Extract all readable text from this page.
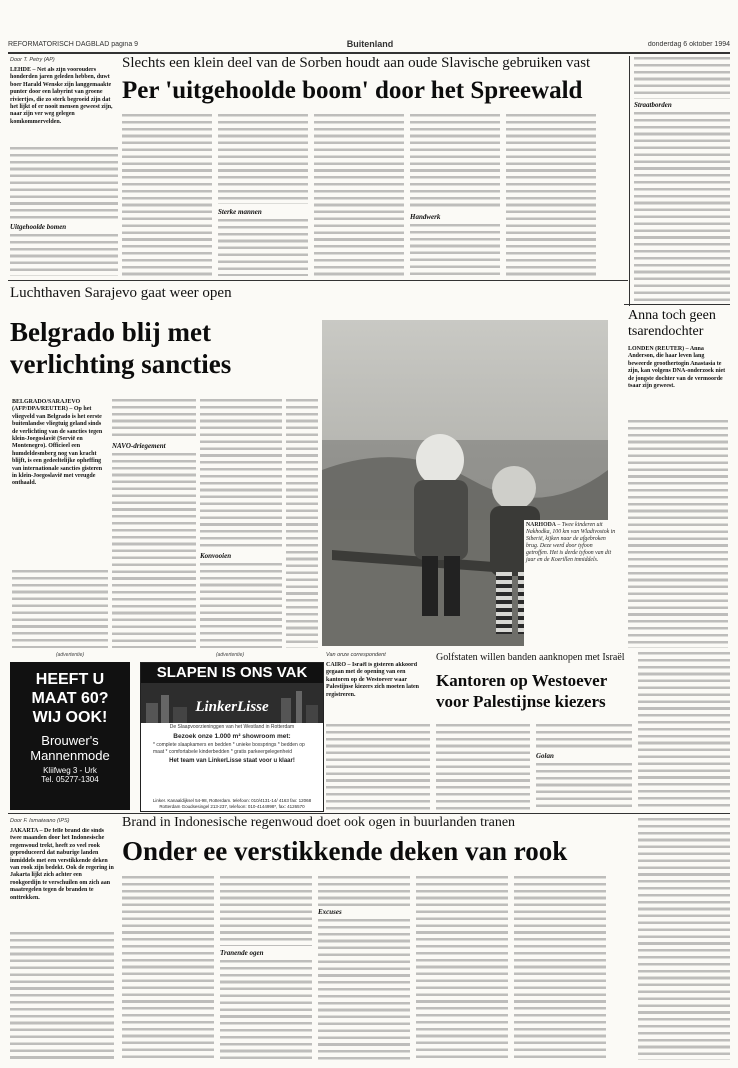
REFORMATORISCH DAGBLAD pagina 9	Buitenland	donderdag 6 oktober 1994
Door T. Petry (AP)	Slechts een klein deel van de Sorben houdt aan oude Slavische gebruiken vast
Per 'uitgehoolde boom' door het Spreewald
LEHDE – Net als zijn voorouders honderden jaren geleden hebben, duwt boer Harald Wenske zijn langgemaakte punter door een labyrint van groene riviertjes, die zo sterk begroeid zijn dat het lijkt of er nooit mensen geweest zijn, naar zijn ver weg gelegen komkommervelden.
Uitgehoolde bomen
Sterke mannen
Handwerk
Straatborden
Luchthaven Sarajevo gaat weer open
Belgrado blij met verlichting sancties
BELGRADO/SARAJEVO (AFP/DPA/REUTER) – Op het vliegveld van Belgrado is het eerste buitenlandse vliegtuig geland sinds de verlichting van de sancties tegen klein-Joegoslavië (Servië en Montenegro). Officieel een humdeldesmberg nog van kracht blijft, is een gedeeltelijke opheffing van internationale sancties gisteren in klein-Joegoslavië met vreugde onthaald.
NAVO-driegement
Konvooien
NARHODA – Twee kinderen uit Nakhodka, 100 km van Wladivostok in Siberië, kijken naar de afgebroken brug. Deze werd door tyfoon getroffen. Het is derde tyfoon van dit jaar en de Koerillen inmiddels.
Anna toch geen tsarendochter
LONDEN (REUTER) – Anna Anderson, die haar leven lang beweerde groothertogin Anastasia te zijn, kan volgens DNA-onderzoek niet de jongste dochter van de vermoorde tsaar zijn geweest.
(advertentie)	(advertentie)
HEEFT U
MAAT 60?
WIJ OOK!
Brouwer's
Mannenmode
Kliifweg 3 - Urk
Tel. 05277-1304
SLAPEN IS ONS VAK
LinkerLisse
De Slaapvoorzieninggen van het Westland in Rotterdam
Bezoek onze 1.000 m² showroom met:
* complete slaapkamers en bedden * unieke boxsprings * bedden op maat * comfortabele kinderbedden * gratis parkeergelegenheid
Het team van LinkerLisse staat voor u klaar!
Linker. Kanaaldijksel 54-98, Rotterdam. telefoon: 010/4131-14/ 4163 fax: 12068
Rotterdam Goudsesingel 213-237, telefoon: 010-4144998*, fax: 4126570
Van onze correspondent
CAÏRO – Israël is gisteren akkoord gegaan met de opening van een kantoren op de Westoever waar Palestijnse kiezers zich moeten laten registreren.
Golfstaten willen banden aanknopen met Israël
Kantoren op Westoever voor Palestijnse kiezers
Golan
Door F. Ismaiwano (IPS)
JAKARTA – De felle brand die sinds twee maanden door het Indonesische regenwoud trekt, heeft zo veel rook geproduceerd dat naburige landen inmiddels met een verstikkende deken van rook zijn bedekt. Ook de regering in Jakarta lijkt zich achter een rookgordijn te verschuilen om zich aan maatregelen tegen de branden te onttrekken.
Brand in Indonesische regenwoud doet ook ogen in buurlanden tranen
Onder ee verstikkende deken van rook
Tranende ogen
Excuses
